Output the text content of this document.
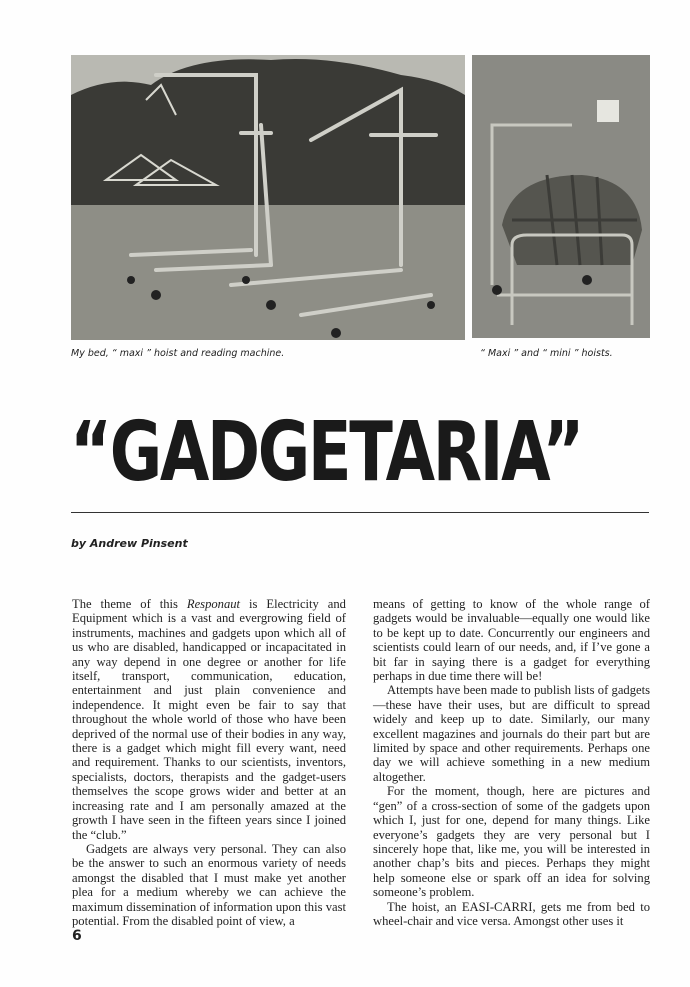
My bed, “ maxi ” hoist and reading machine.	“ Maxi ” and “ mini ” hoists.
“GADGETARIA”
by Andrew Pinsent

The theme of this Responaut is Electricity and Equipment which is a vast and evergrowing field of instruments, machines and gadgets upon which all of us who are disabled, handicapped or incapacitated in any way depend in one degree or another for life itself, transport, communication, education, entertainment and just plain convenience and independence. It might even be fair to say that throughout the whole world of those who have been deprived of the normal use of their bodies in any way, there is a gadget which might fill every want, need and requirement. Thanks to our scientists, inventors, specialists, doctors, therapists and the gadget-users themselves the scope grows wider and better at an increasing rate and I am personally amazed at the growth I have seen in the fifteen years since I joined the “club.”

Gadgets are always very personal. They can also be the answer to such an enormous variety of needs amongst the disabled that I must make yet another plea for a medium whereby we can achieve the maximum dissemination of information upon this vast potential. From the disabled point of view, a

means of getting to know of the whole range of gadgets would be invaluable—equally one would like to be kept up to date. Concurrently our engineers and scientists could learn of our needs, and, if I’ve gone a bit far in saying there is a gadget for everything perhaps in due time there will be!

Attempts have been made to publish lists of gadgets—these have their uses, but are difficult to spread widely and keep up to date. Similarly, our many excellent magazines and journals do their part but are limited by space and other requirements. Perhaps one day we will achieve something in a new medium altogether.

For the moment, though, here are pictures and “gen” of a cross-section of some of the gadgets upon which I, just for one, depend for many things. Like everyone’s gadgets they are very personal but I sincerely hope that, like me, you will be interested in another chap’s bits and pieces. Perhaps they might help someone else or spark off an idea for solving someone’s problem.

The hoist, an EASI-CARRI, gets me from bed to wheel-chair and vice versa. Amongst other uses it

6
